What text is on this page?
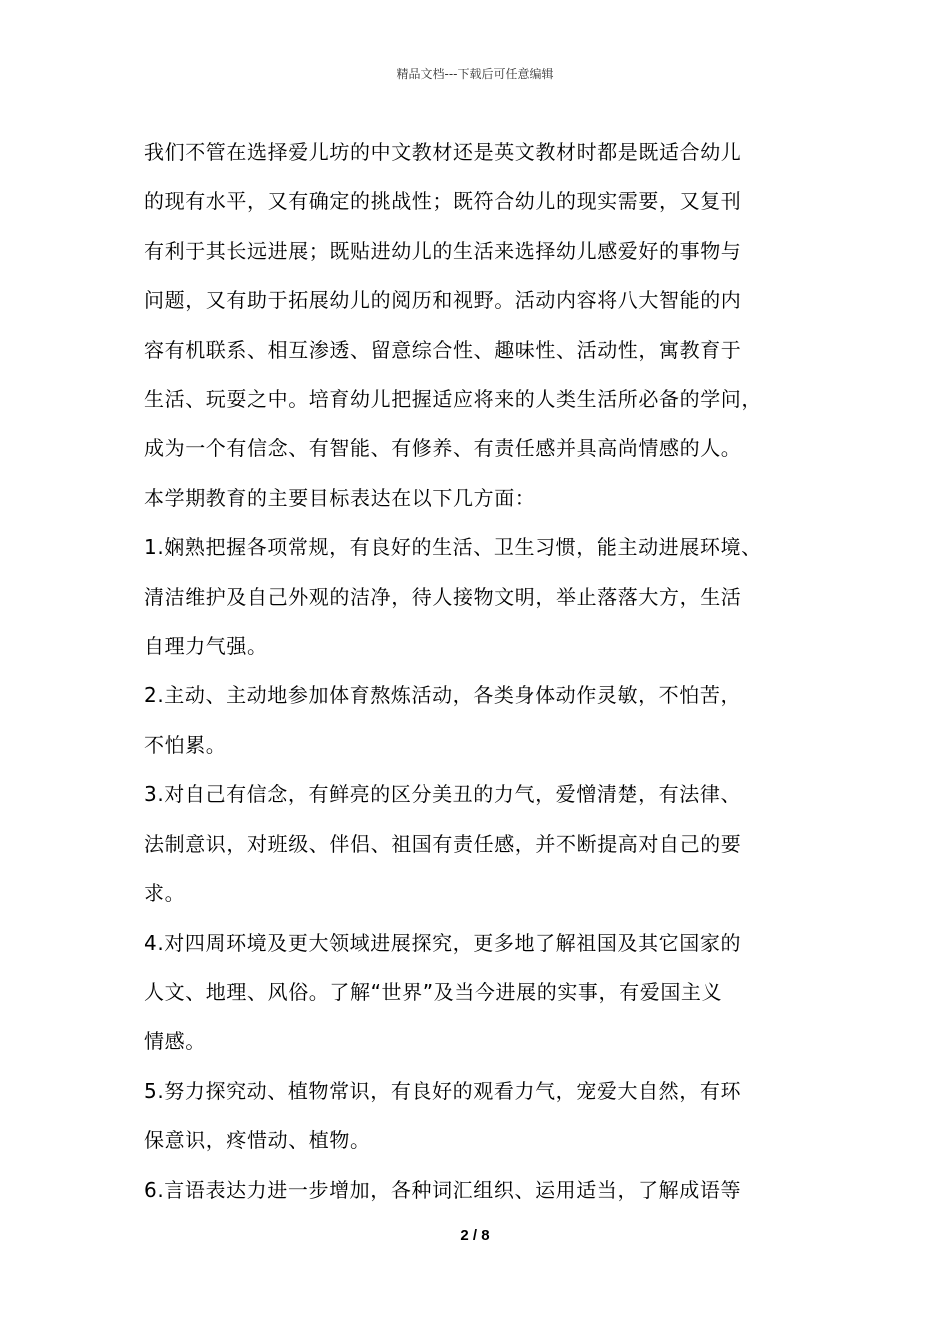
精品文档---下载后可任意编辑

我们不管在选择爱儿坊的中文教材还是英文教材时都是既适合幼儿

的现有水平，又有确定的挑战性；既符合幼儿的现实需要，又复刊

有利于其长远进展；既贴进幼儿的生活来选择幼儿感爱好的事物与

问题，又有助于拓展幼儿的阅历和视野。活动内容将八大智能的内

容有机联系、相互渗透、留意综合性、趣味性、活动性，寓教育于

生活、玩耍之中。培育幼儿把握适应将来的人类生活所必备的学问，

成为一个有信念、有智能、有修养、有责任感并具高尚情感的人。

本学期教育的主要目标表达在以下几方面：

1.娴熟把握各项常规，有良好的生活、卫生习惯，能主动进展环境、

清洁维护及自己外观的洁净，待人接物文明，举止落落大方，生活

自理力气强。

2.主动、主动地参加体育熬炼活动，各类身体动作灵敏，不怕苦，

不怕累。

3.对自己有信念，有鲜亮的区分美丑的力气，爱憎清楚，有法律、

法制意识，对班级、伴侣、祖国有责任感，并不断提高对自己的要

求。

4.对四周环境及更大领域进展探究，更多地了解祖国及其它国家的

人文、地理、风俗。了解“世界”及当今进展的实事，有爱国主义

情感。

5.努力探究动、植物常识，有良好的观看力气，宠爱大自然，有环

保意识，疼惜动、植物。

6.言语表达力进一步增加，各种词汇组织、运用适当，了解成语等

2 / 8
